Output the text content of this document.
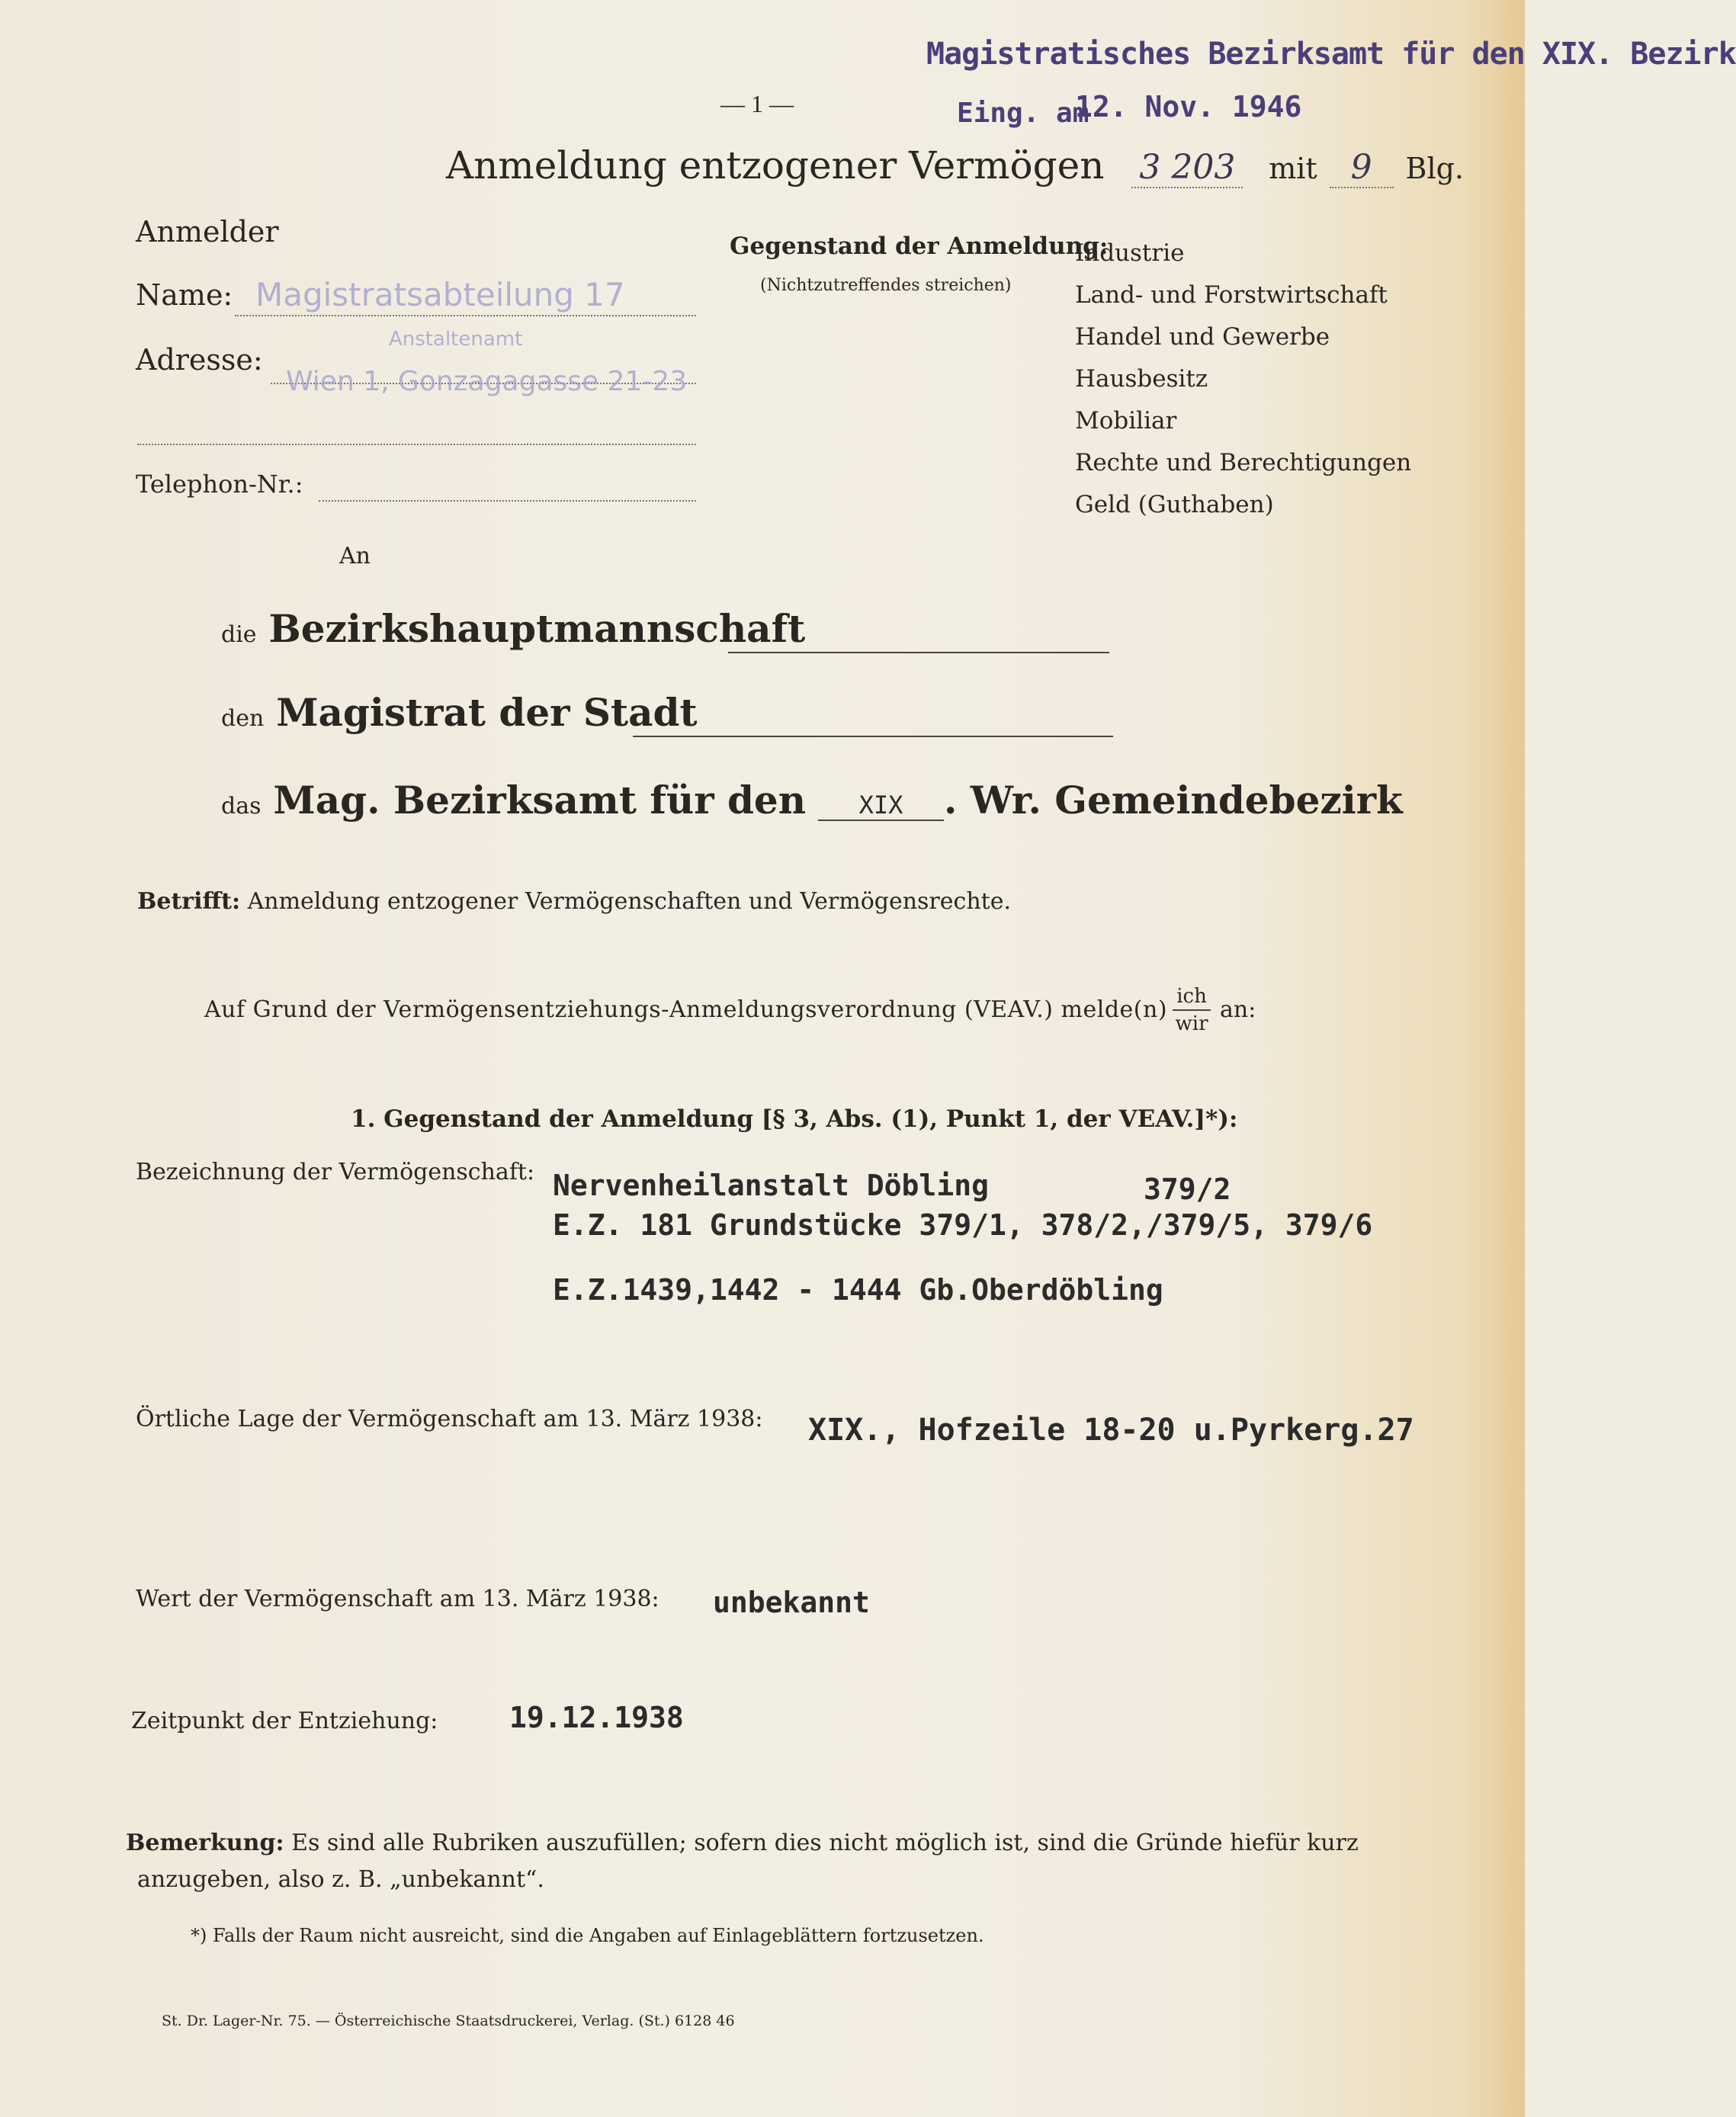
Magistratisches Bezirksamt für den XIX. Bezirk
Eing. am
12. Nov. 1946
— 1 —
Anmeldung entzogener Vermögen 3 203 mit 9 Blg.
Anmelder
Name: Magistratsabteilung 17
Adresse:
Anstaltenamt
Wien 1, Gonzagagasse 21-23
Telephon-Nr.:
Gegenstand der Anmeldung:
(Nichtzutreffendes streichen)
Industrie
Land- und Forstwirtschaft
Handel und Gewerbe
Hausbesitz
Mobiliar
Rechte und Berechtigungen
Geld (Guthaben)
An
die Bezirkshauptmannschaft
den Magistrat der Stadt
das Mag. Bezirksamt für den XIX . Wr. Gemeindebezirk
Betrifft: Anmeldung entzogener Vermögenschaften und Vermögensrechte.
Auf Grund der Vermögensentziehungs-Anmeldungsverordnung (VEAV.) melde(n) ich
wir
an:
1. Gegenstand der Anmeldung [§ 3, Abs. (1), Punkt 1, der VEAV.]*):
Bezeichnung der Vermögenschaft: Nervenheilanstalt Döbling	379/2
E.Z. 181 Grundstücke 379/1, 378/2,/379/5, 379/6
E.Z.1439,1442 - 1444 Gb.Oberdöbling
Örtliche Lage der Vermögenschaft am 13. März 1938: XIX., Hofzeile 18-20 u.Pyrkerg.27
Wert der Vermögenschaft am 13. März 1938: unbekannt
Zeitpunkt der Entziehung: 19.12.1938
Bemerkung: Es sind alle Rubriken auszufüllen; sofern dies nicht möglich ist, sind die Gründe hiefür kurz
anzugeben, also z. B. „unbekannt“.
*) Falls der Raum nicht ausreicht, sind die Angaben auf Einlageblättern fortzusetzen.
St. Dr. Lager-Nr. 75. — Österreichische Staatsdruckerei, Verlag. (St.) 6128 46
